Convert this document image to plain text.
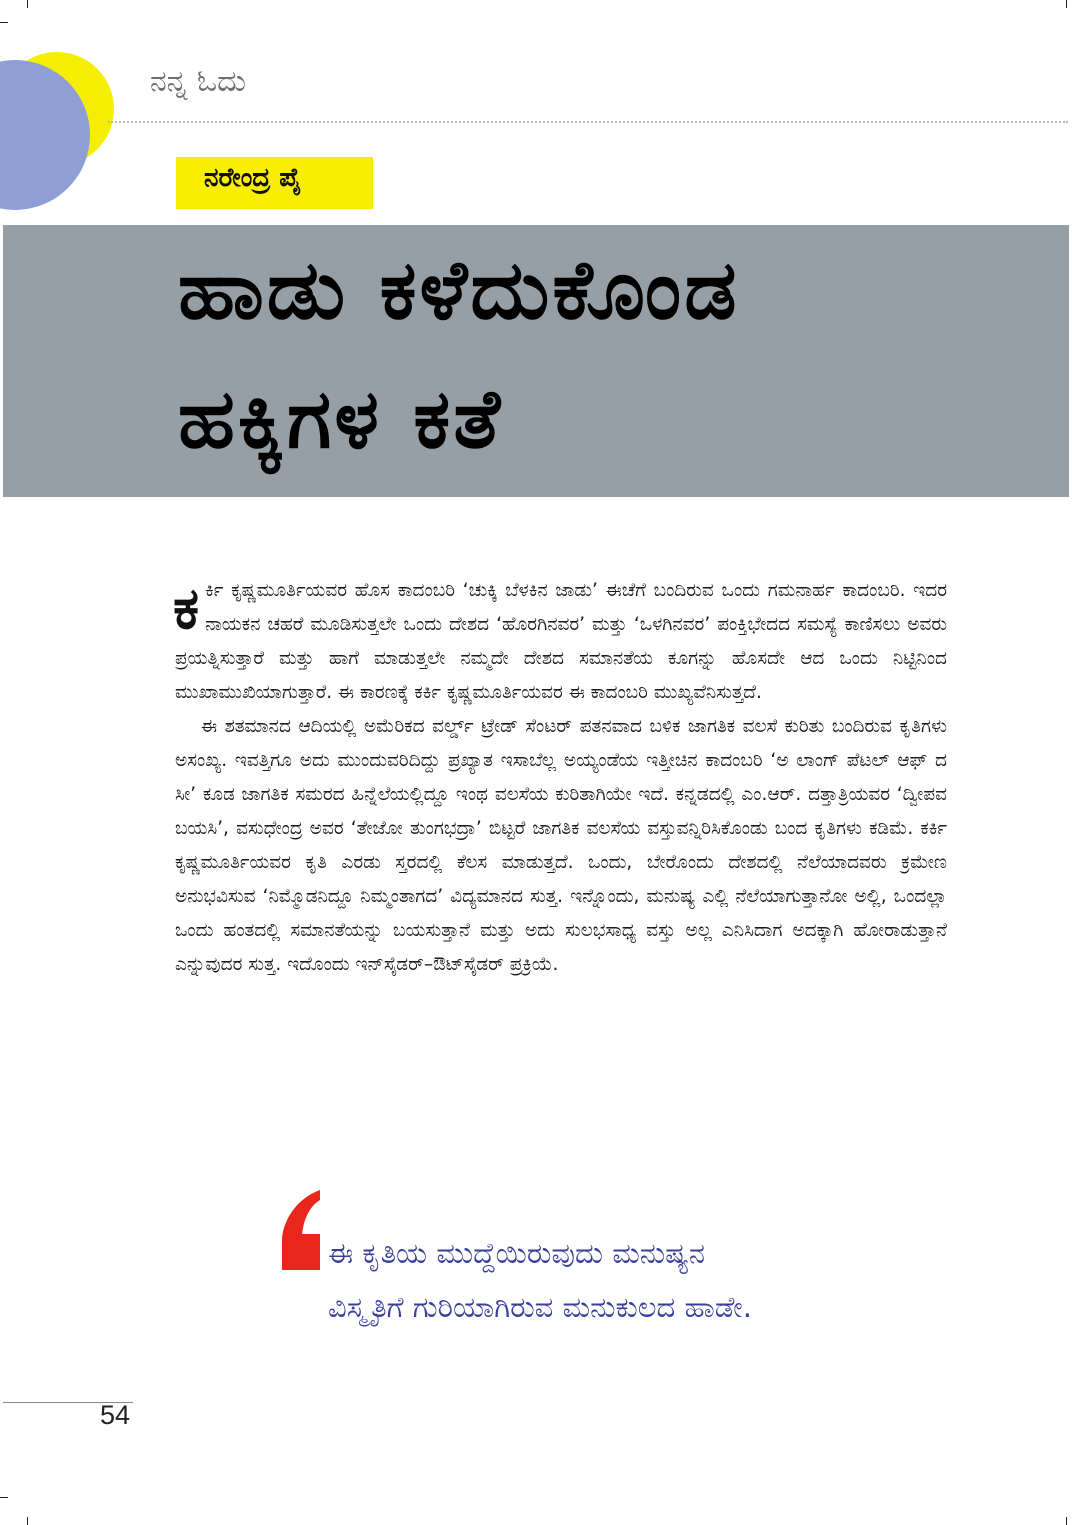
ನನ್ನ ಓದು
ನರೇಂದ್ರ ಪೈ
ಹಾಡು ಕಳೆದುಕೊಂಡ
ಹಕ್ಕಿಗಳ ಕತೆ

ಕರ್ಕಿ ಕೃಷ್ಣಮೂರ್ತಿಯವರ ಹೊಸ ಕಾದಂಬರಿ ‘ಚುಕ್ಕಿ ಬೆಳಕಿನ ಜಾಡು’ ಈಚೆಗೆ ಬಂದಿರುವ ಒಂದು ಗಮನಾರ್ಹ ಕಾದಂಬರಿ. ಇದರ ನಾಯಕನ ಚಹರೆ ಮೂಡಿಸುತ್ತಲೇ ಒಂದು ದೇಶದ ‘ಹೊರಗಿನವರ’ ಮತ್ತು ‘ಒಳಗಿನವರ’ ಪಂಕ್ತಿಭೇದದ ಸಮಸ್ಯೆ ಕಾಣಿಸಲು ಅವರು ಪ್ರಯತ್ನಿಸುತ್ತಾರೆ ಮತ್ತು ಹಾಗೆ ಮಾಡುತ್ತಲೇ ನಮ್ಮದೇ ದೇಶದ ಸಮಾನತೆಯ ಕೂಗನ್ನು ಹೊಸದೇ ಆದ ಒಂದು ನಿಟ್ಟಿನಿಂದ ಮುಖಾಮುಖಿಯಾಗುತ್ತಾರೆ. ಈ ಕಾರಣಕ್ಕೆ ಕರ್ಕಿ ಕೃಷ್ಣಮೂರ್ತಿಯವರ ಈ ಕಾದಂಬರಿ ಮುಖ್ಯವೆನಿಸುತ್ತದೆ.

ಈ ಶತಮಾನದ ಆದಿಯಲ್ಲಿ ಅಮೆರಿಕದ ವರ್ಲ್ಡ್ ಟ್ರೇಡ್ ಸೆಂಟರ್ ಪತನವಾದ ಬಳಿಕ ಜಾಗತಿಕ ವಲಸೆ ಕುರಿತು ಬಂದಿರುವ ಕೃತಿಗಳು ಅಸಂಖ್ಯ. ಇವತ್ತಿಗೂ ಅದು ಮುಂದುವರಿದಿದ್ದು ಪ್ರಖ್ಯಾತ ಇಸಾಬೆಲ್ಲ ಅಯ್ಯಂಡೆಯ ಇತ್ತೀಚಿನ ಕಾದಂಬರಿ ‘ಅ ಲಾಂಗ್ ಪೆಟಲ್ ಆಫ್ ದ ಸೀ’ ಕೂಡ ಜಾಗತಿಕ ಸಮರದ ಹಿನ್ನೆಲೆಯಲ್ಲಿದ್ದೂ ಇಂಥ ವಲಸೆಯ ಕುರಿತಾಗಿಯೇ ಇದೆ. ಕನ್ನಡದಲ್ಲಿ ಎಂ.ಆರ್. ದತ್ತಾತ್ರಿಯವರ ‘ದ್ವೀಪವ ಬಯಸಿ’, ವಸುಧೇಂದ್ರ ಅವರ ‘ತೇಜೋ ತುಂಗಭದ್ರಾ’ ಬಿಟ್ಟರೆ ಜಾಗತಿಕ ವಲಸೆಯ ವಸ್ತುವನ್ನಿರಿಸಿಕೊಂಡು ಬಂದ ಕೃತಿಗಳು ಕಡಿಮೆ. ಕರ್ಕಿ ಕೃಷ್ಣಮೂರ್ತಿಯವರ ಕೃತಿ ಎರಡು ಸ್ತರದಲ್ಲಿ ಕೆಲಸ ಮಾಡುತ್ತದೆ. ಒಂದು, ಬೇರೊಂದು ದೇಶದಲ್ಲಿ ನೆಲೆಯಾದವರು ಕ್ರಮೇಣ ಅನುಭವಿಸುವ ‘ನಿಮ್ಮೊಡನಿದ್ದೂ ನಿಮ್ಮಂತಾಗದ’ ವಿದ್ಯಮಾನದ ಸುತ್ತ. ಇನ್ನೊಂದು, ಮನುಷ್ಯ ಎಲ್ಲಿ ನೆಲೆಯಾಗುತ್ತಾನೋ ಅಲ್ಲಿ, ಒಂದಲ್ಲಾ ಒಂದು ಹಂತದಲ್ಲಿ ಸಮಾನತೆಯನ್ನು ಬಯಸುತ್ತಾನೆ ಮತ್ತು ಅದು ಸುಲಭಸಾಧ್ಯ ವಸ್ತು ಅಲ್ಲ ಎನಿಸಿದಾಗ ಅದಕ್ಕಾಗಿ ಹೋರಾಡುತ್ತಾನೆ ಎನ್ನುವುದರ ಸುತ್ತ. ಇದೊಂದು ಇನ್‌ಸೈಡರ್–ಔಟ್‌ಸೈಡರ್ ಪ್ರಕ್ರಿಯೆ.

ಈ ಕೃತಿಯ ಮುದ್ದೆಯಿರುವುದು ಮನುಷ್ಯನ
ವಿಸ್ಮೃತಿಗೆ ಗುರಿಯಾಗಿರುವ ಮನುಕುಲದ ಹಾಡೇ.
54
